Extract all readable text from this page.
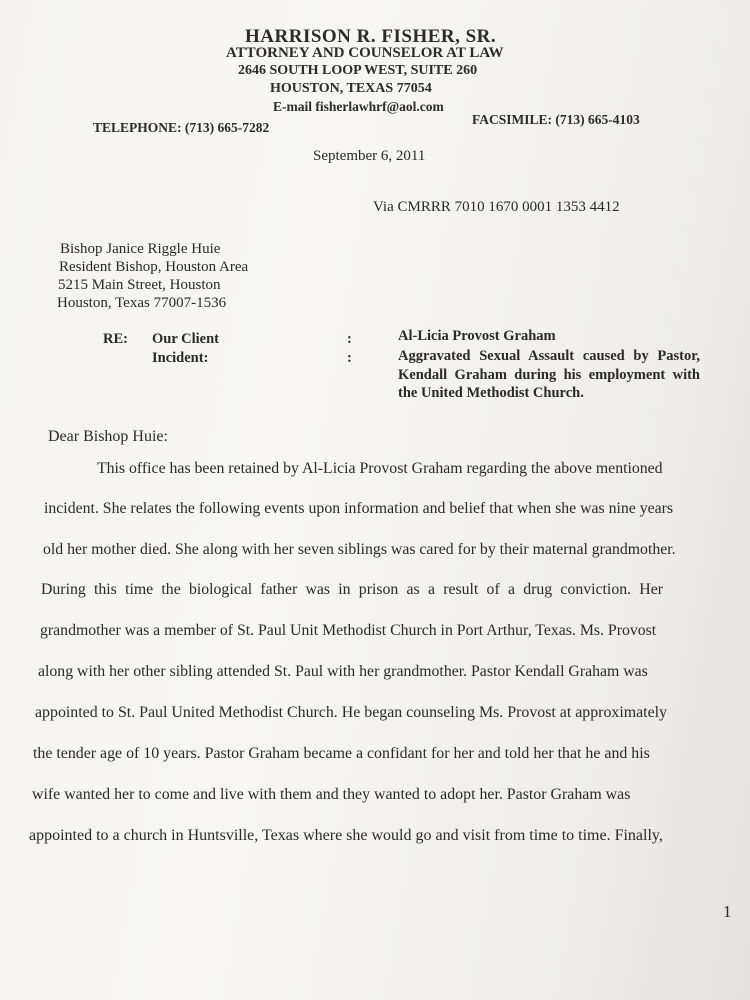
HARRISON R. FISHER, SR.
ATTORNEY AND COUNSELOR AT LAW
2646 SOUTH LOOP WEST, SUITE 260
HOUSTON, TEXAS 77054
E-mail fisherlawhrf@aol.com
TELEPHONE: (713) 665-7282
FACSIMILE: (713) 665-4103
September 6, 2011
Via CMRRR 7010 1670 0001 1353 4412
Bishop Janice Riggle Huie
Resident Bishop, Houston Area
5215 Main Street, Houston
Houston, Texas 77007-1536
RE: Our Client
Incident:
:
:
Al-Licia Provost Graham
Aggravated Sexual Assault caused by Pastor, Kendall Graham during his employment with the United Methodist Church.
Dear Bishop Huie:
This office has been retained by Al-Licia Provost Graham regarding the above mentioned
incident. She relates the following events upon information and belief that when she was nine years
old her mother died. She along with her seven siblings was cared for by their maternal grandmother.
During this time the biological father was in prison as a result of a drug conviction. Her
grandmother was a member of St. Paul Unit Methodist Church in Port Arthur, Texas. Ms. Provost
along with her other sibling attended St. Paul with her grandmother. Pastor Kendall Graham was
appointed to St. Paul United Methodist Church. He began counseling Ms. Provost at approximately
the tender age of 10 years. Pastor Graham became a confidant for her and told her that he and his
wife wanted her to come and live with them and they wanted to adopt her. Pastor Graham was
appointed to a church in Huntsville, Texas where she would go and visit from time to time. Finally,
1
